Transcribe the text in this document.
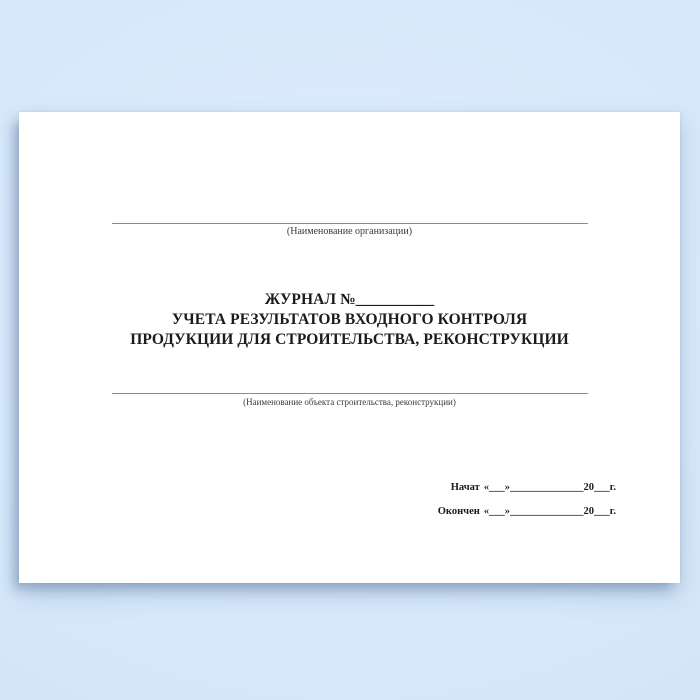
(Наименование организации)
ЖУРНАЛ №__________
УЧЕТА РЕЗУЛЬТАТОВ ВХОДНОГО КОНТРОЛЯ
ПРОДУКЦИИ ДЛЯ СТРОИТЕЛЬСТВА, РЕКОНСТРУКЦИИ
(Наименование объекта строительства, реконструкции)
Начат «___»______________20___г.
Окончен «___»______________20___г.
